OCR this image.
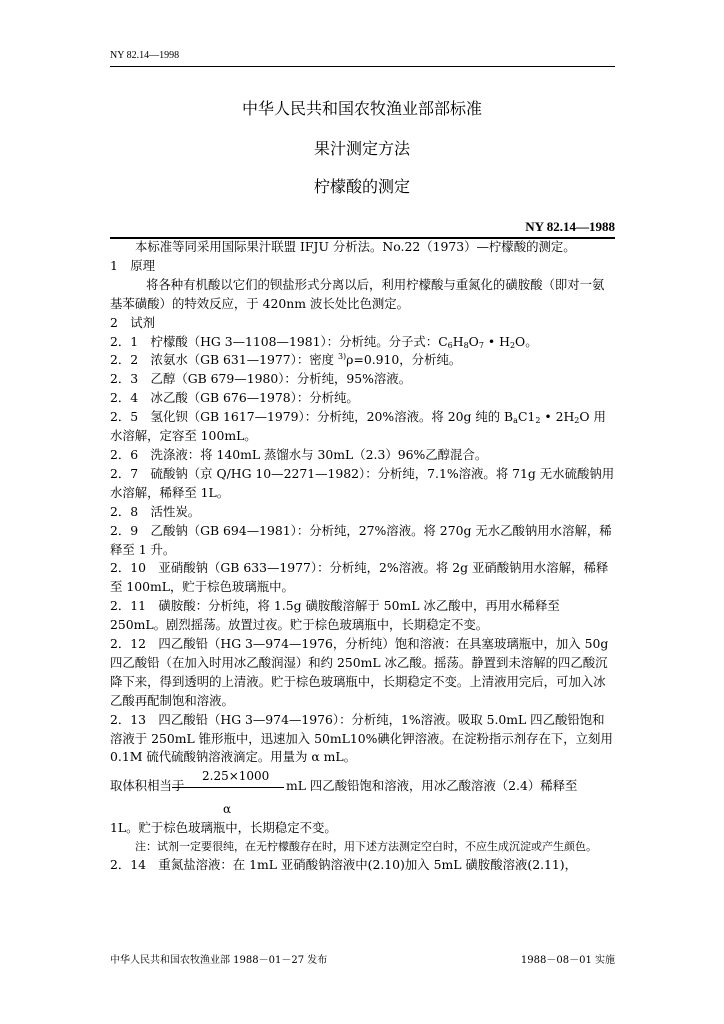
NY 82.14—1998
中华人民共和国农牧渔业部部标准
果汁测定方法
柠檬酸的测定
NY 82.14—1988

本标准等同采用国际果汁联盟 IFJU 分析法。No.22（1973）—柠檬酸的测定。

1　原理

将各种有机酸以它们的钡盐形式分离以后，利用柠檬酸与重氮化的磺胺酸（即对一氨基苯磺酸）的特效反应，于 420nm 波长处比色测定。

2　试剂

2．1　柠檬酸（HG 3—1108—1981）：分析纯。分子式：$C_6H_8O_7$ • $H_2O$。

2．2　浓氨水（GB 631—1977）：密度 $^{3)}$ρ=0.910，分析纯。

2．3　乙醇（GB 679—1980）：分析纯，95%溶液。

2．4　冰乙酸（GB 676—1978）：分析纯。

2．5　氢化钡（GB 1617—1979）：分析纯，20%溶液。将 20g 纯的 $B_aC1_2$ • $2H_2O$ 用水溶解，定容至 100mL。

2．6　洗涤液：将 140mL 蒸馏水与 30mL（2.3）96%乙醇混合。

2．7　硫酸钠（京 Q/HG 10—2271—1982）：分析纯，7.1%溶液。将 71g 无水硫酸钠用水溶解，稀释至 1L。

2．8　活性炭。

2．9　乙酸钠（GB 694—1981）：分析纯，27%溶液。将 270g 无水乙酸钠用水溶解，稀释至 1 升。

2．10　亚硝酸钠（GB 633—1977）：分析纯，2%溶液。将 2g 亚硝酸钠用水溶解，稀释至 100mL，贮于棕色玻璃瓶中。

2．11　磺胺酸：分析纯，将 1.5g 磺胺酸溶解于 50mL 冰乙酸中，再用水稀释至 250mL。剧烈摇荡。放置过夜。贮于棕色玻璃瓶中，长期稳定不变。

2．12　四乙酸铅（HG 3—974—1976，分析纯）饱和溶液：在具塞玻璃瓶中，加入 50g 四乙酸铅（在加入时用冰乙酸润湿）和约 250mL 冰乙酸。摇荡。静置到未溶解的四乙酸沉降下来，得到透明的上清液。贮于棕色玻璃瓶中，长期稳定不变。上清液用完后，可加入冰乙酸再配制饱和溶液。

2．13　四乙酸铅（HG 3—974—1976）：分析纯，1%溶液。吸取 5.0mL 四乙酸铅饱和溶液于 250mL 锥形瓶中，迅速加入 50mL10%碘化钾溶液。在淀粉指示剂存在下，立刻用 0.1M 硫代硫酸钠溶液滴定。用量为 α mL。

2.25×1000
取体积相当于	mL 四乙酸铅饱和溶液，用冰乙酸溶液（2.4）稀释至
α

1L。贮于棕色玻璃瓶中，长期稳定不变。

注：试剂一定要很纯，在无柠檬酸存在时，用下述方法测定空白时，不应生成沉淀或产生颜色。

2．14　重氮盐溶液：在 1mL 亚硝酸钠溶液中(2.10)加入 5mL 磺胺酸溶液(2.11)，

中华人民共和国农牧渔业部 1988－01－27 发布	1988－08－01 实施
